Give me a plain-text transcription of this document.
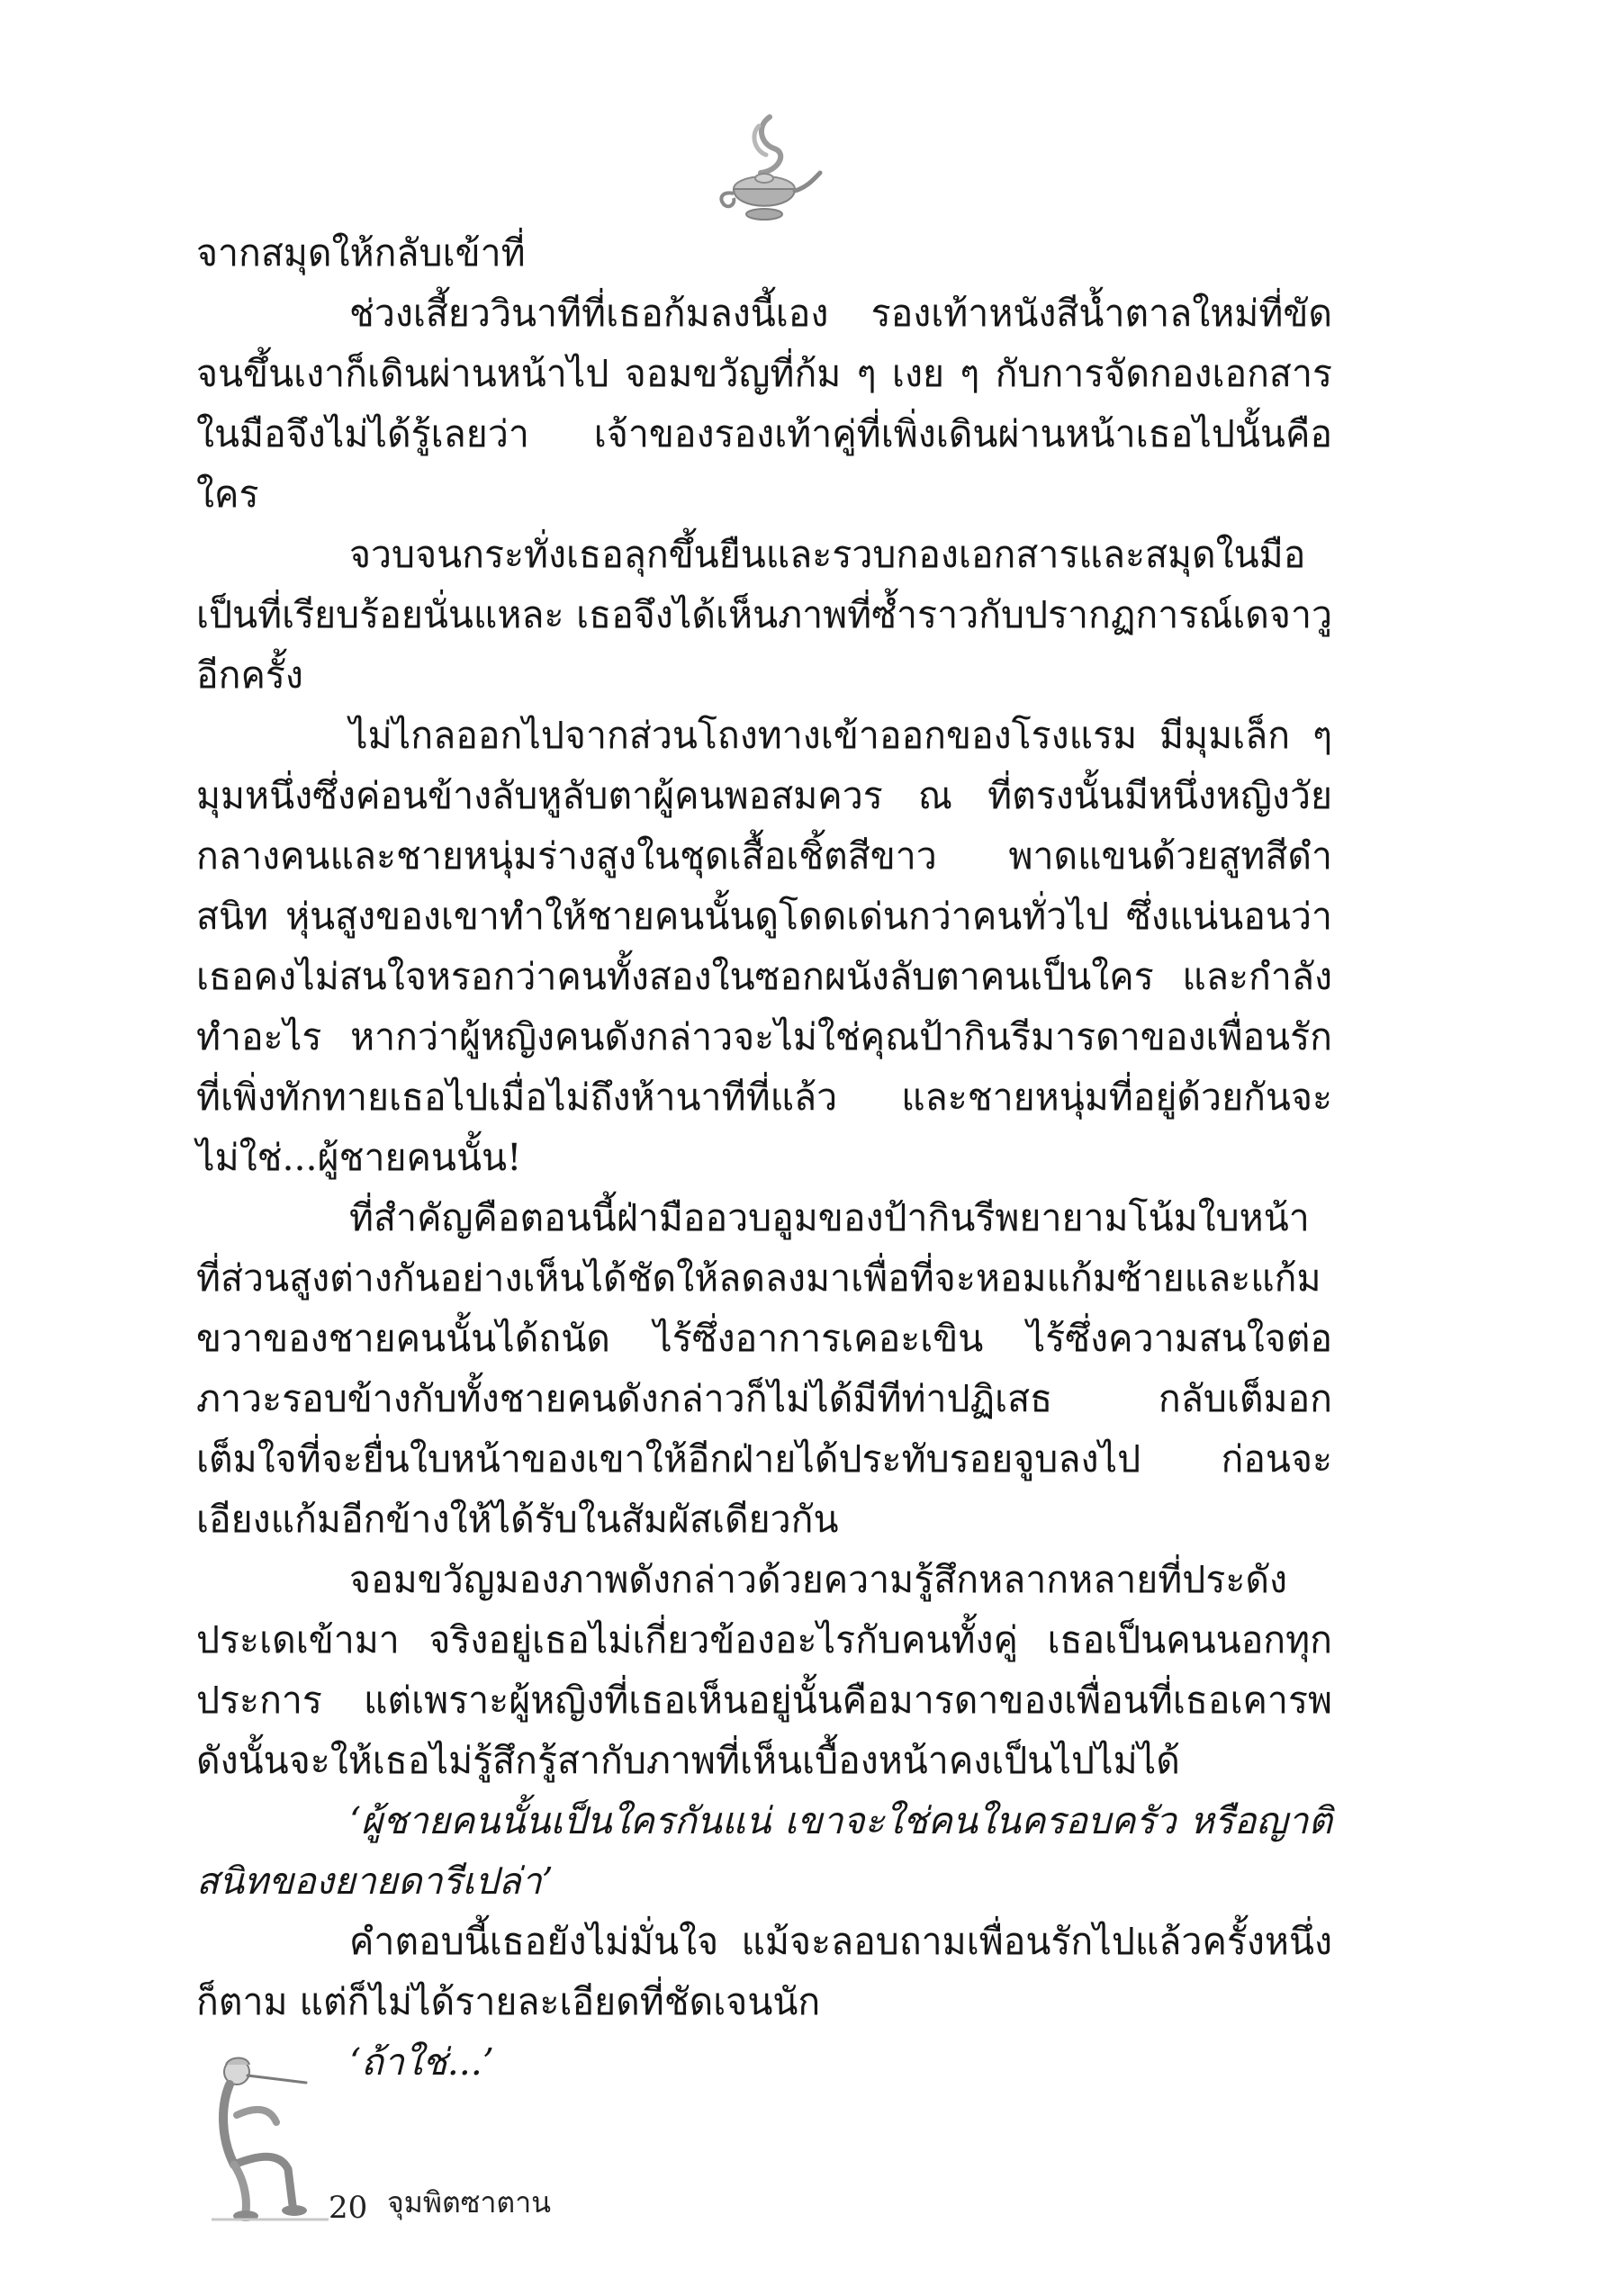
จากสมุดให้กลับเข้าที่

ช่วงเสี้ยววินาทีที่เธอก้มลงนี้เอง รองเท้าหนังสีน้ำตาลใหม่ที่ขัดจนขึ้นเงาก็เดินผ่านหน้าไป จอมขวัญที่ก้ม ๆ เงย ๆ กับการจัดกองเอกสารในมือจึงไม่ได้รู้เลยว่า เจ้าของรองเท้าคู่ที่เพิ่งเดินผ่านหน้าเธอไปนั้นคือใคร

จวบจนกระทั่งเธอลุกขึ้นยืนและรวบกองเอกสารและสมุดในมือเป็นที่เรียบร้อยนั่นแหละ เธอจึงได้เห็นภาพที่ซ้ำราวกับปรากฏการณ์เดจาวูอีกครั้ง

ไม่ไกลออกไปจากส่วนโถงทางเข้าออกของโรงแรม มีมุมเล็ก ๆ มุมหนึ่งซึ่งค่อนข้างลับหูลับตาผู้คนพอสมควร ณ ที่ตรงนั้นมีหนึ่งหญิงวัยกลางคนและชายหนุ่มร่างสูงในชุดเสื้อเชิ้ตสีขาว พาดแขนด้วยสูทสีดำสนิท หุ่นสูงของเขาทำให้ชายคนนั้นดูโดดเด่นกว่าคนทั่วไป ซึ่งแน่นอนว่าเธอคงไม่สนใจหรอกว่าคนทั้งสองในซอกผนังลับตาคนเป็นใคร และกำลังทำอะไร หากว่าผู้หญิงคนดังกล่าวจะไม่ใช่คุณป้ากินรีมารดาของเพื่อนรักที่เพิ่งทักทายเธอไปเมื่อไม่ถึงห้านาทีที่แล้ว และชายหนุ่มที่อยู่ด้วยกันจะไม่ใช่...ผู้ชายคนนั้น!

ที่สำคัญคือตอนนี้ฝ่ามืออวบอูมของป้ากินรีพยายามโน้มใบหน้าที่ส่วนสูงต่างกันอย่างเห็นได้ชัดให้ลดลงมาเพื่อที่จะหอมแก้มซ้ายและแก้มขวาของชายคนนั้นได้ถนัด ไร้ซึ่งอาการเคอะเขิน ไร้ซึ่งความสนใจต่อภาวะรอบข้างกับทั้งชายคนดังกล่าวก็ไม่ได้มีทีท่าปฏิเสธ กลับเต็มอกเต็มใจที่จะยื่นใบหน้าของเขาให้อีกฝ่ายได้ประทับรอยจูบลงไป ก่อนจะเอียงแก้มอีกข้างให้ได้รับในสัมผัสเดียวกัน

จอมขวัญมองภาพดังกล่าวด้วยความรู้สึกหลากหลายที่ประดังประเดเข้ามา จริงอยู่เธอไม่เกี่ยวข้องอะไรกับคนทั้งคู่ เธอเป็นคนนอกทุกประการ แต่เพราะผู้หญิงที่เธอเห็นอยู่นั้นคือมารดาของเพื่อนที่เธอเคารพ ดังนั้นจะให้เธอไม่รู้สึกรู้สากับภาพที่เห็นเบื้องหน้าคงเป็นไปไม่ได้

‘ผู้ชายคนนั้นเป็นใครกันแน่ เขาจะใช่คนในครอบครัว หรือญาติสนิทของยายดารีเปล่า’

คำตอบนี้เธอยังไม่มั่นใจ แม้จะลอบถามเพื่อนรักไปแล้วครั้งหนึ่งก็ตาม แต่ก็ไม่ได้รายละเอียดที่ชัดเจนนัก

‘ถ้าใช่...’

20 จุมพิตซาตาน
